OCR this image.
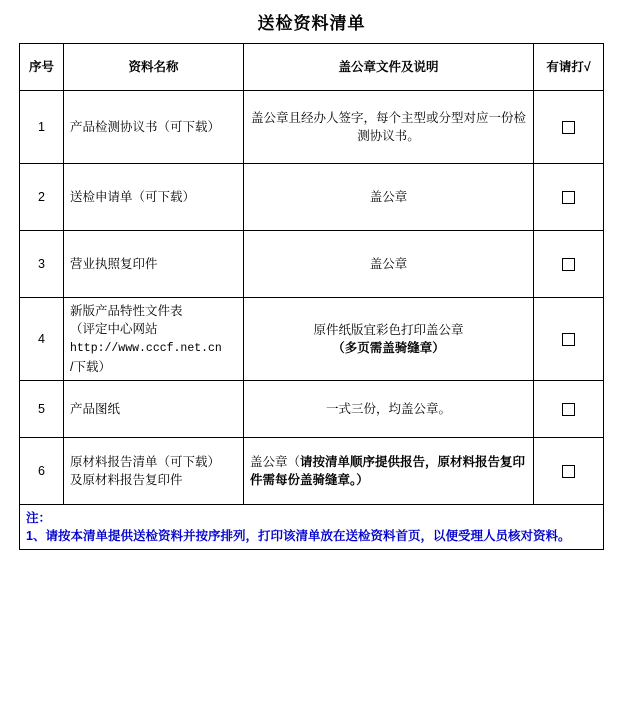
送检资料清单
序号	资料名称	盖公章文件及说明	有请打√
1	产品检测协议书（可下载）	盖公章且经办人签字，每个主型或分型对应一份检测协议书。	
2	送检申请单（可下载）	盖公章	
3	营业执照复印件	盖公章	
4	新版产品特性文件表
（评定中心网站
http://www.cccf.net.cn
/下载）	原件纸版宜彩色打印盖公章
（多页需盖骑缝章）	
5	产品图纸	一式三份，均盖公章。	
6	原材料报告清单（可下载）
及原材料报告复印件	盖公章（请按清单顺序提供报告，原材料报告复印件需每份盖骑缝章。）	

注：
1、请按本清单提供送检资料并按序排列，打印该清单放在送检资料首页，以便受理人员核对资料。			
